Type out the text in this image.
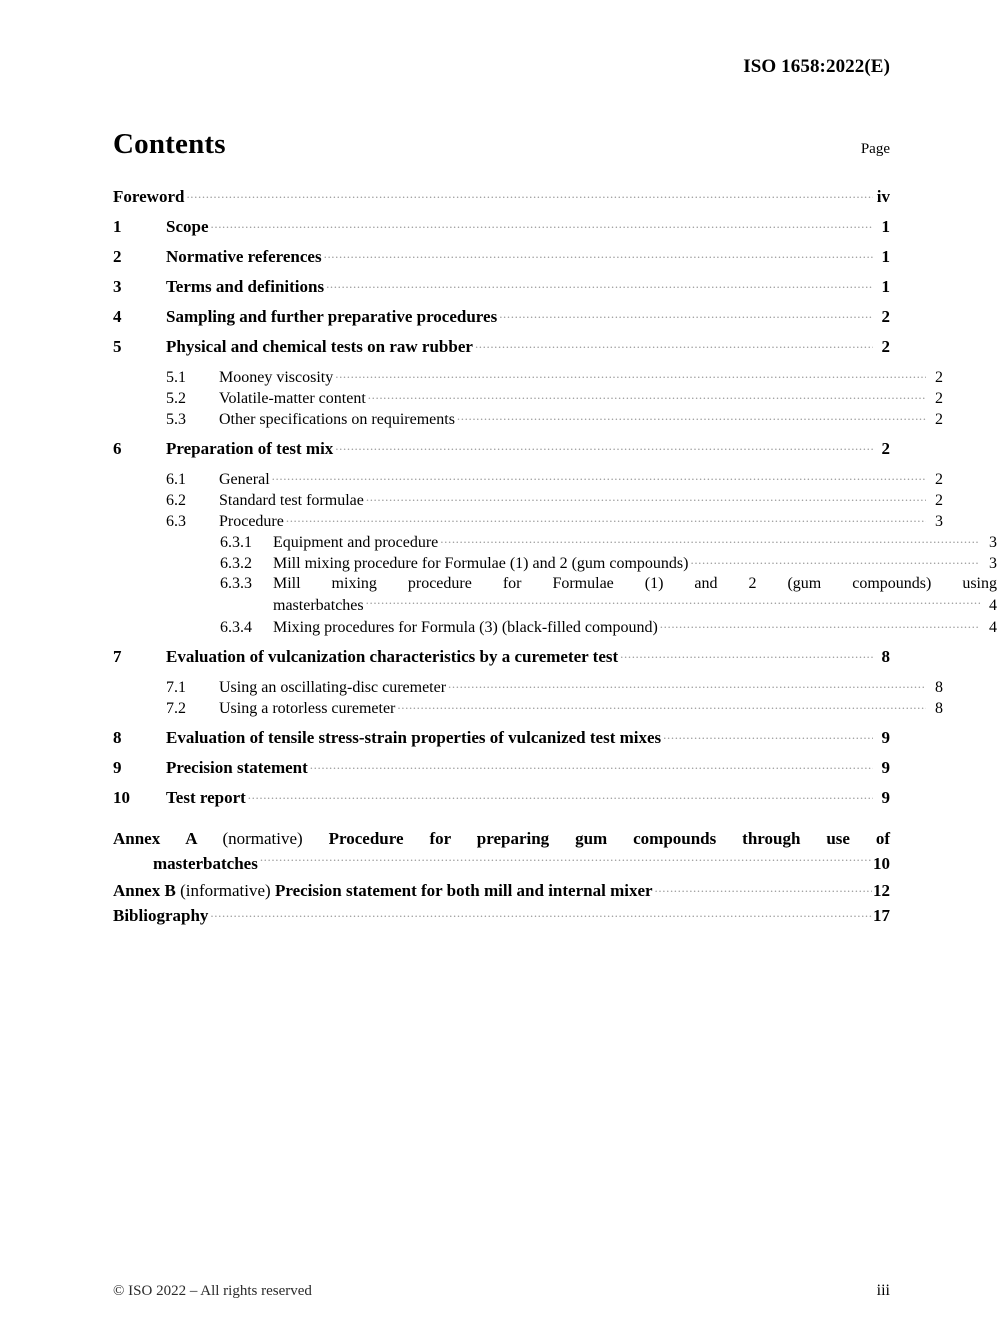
ISO 1658:2022(E)
Contents	Page
Foreword .....	iv
1	Scope .....	1
2	Normative references .....	1
3	Terms and definitions .....	1
4	Sampling and further preparative procedures .....	2
5	Physical and chemical tests on raw rubber .....	2
5.1	Mooney viscosity .....	2
5.2	Volatile-matter content .....	2
5.3	Other specifications on requirements .....	2
6	Preparation of test mix .....	2
6.1	General .....	2
6.2	Standard test formulae .....	2
6.3	Procedure .....	3
6.3.1	Equipment and procedure .....	3
6.3.2	Mill mixing procedure for Formulae (1) and 2 (gum compounds) .....	3
6.3.3	Mill mixing procedure for Formulae (1) and 2 (gum compounds) using
masterbatches .....	4
6.3.4	Mixing procedures for Formula (3) (black-filled compound) .....	4
7	Evaluation of vulcanization characteristics by a curemeter test .....	8
7.1	Using an oscillating-disc curemeter .....	8
7.2	Using a rotorless curemeter .....	8
8	Evaluation of tensile stress-strain properties of vulcanized test mixes .....	9
9	Precision statement .....	9
10	Test report .....	9
Annex A (normative) Procedure for preparing gum compounds through use of
masterbatches .....	10
Annex B (informative) Precision statement for both mill and internal mixer .....	12
Bibliography .....	17
© ISO 2022 – All rights reserved	iii
